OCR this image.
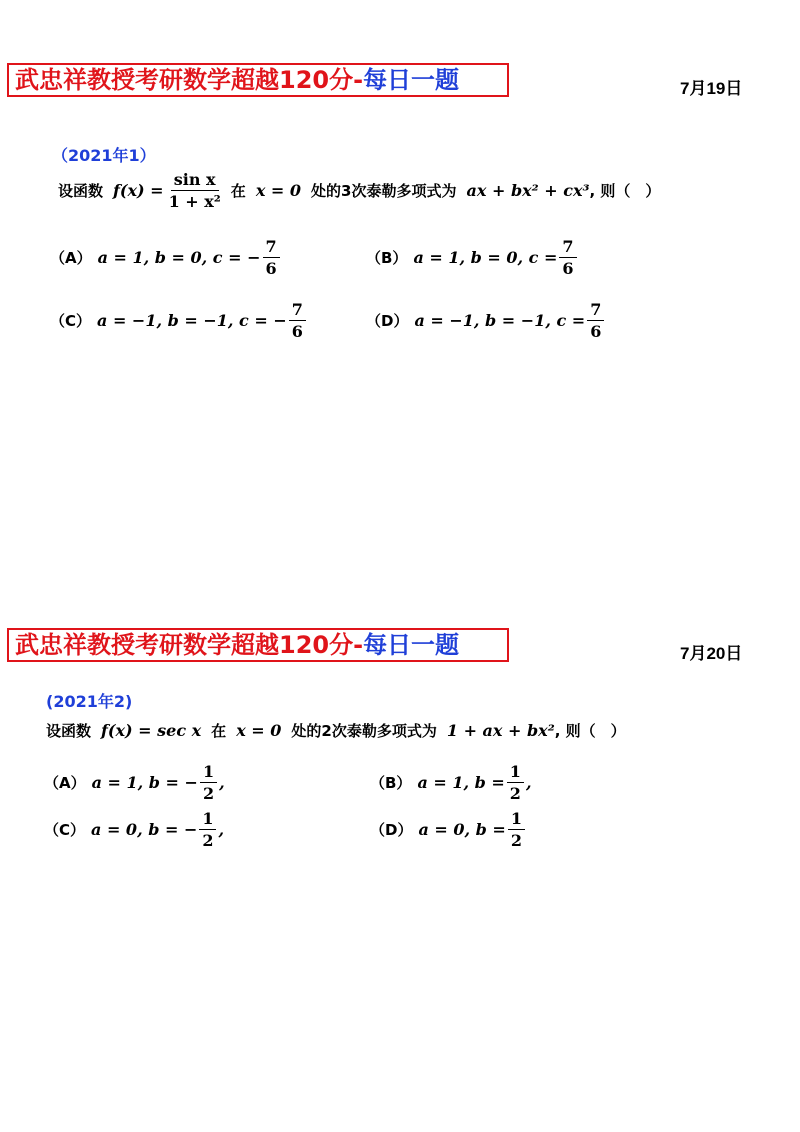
武忠祥教授考研数学超越120分-每日一题	7月19日
（2021年1）
设函数 $f(x) = \frac{\text{sin x}}{\text{1 + x²}}$ 在 x = 0 处的3次泰勒多项式为 ax + bx² + cx³ , 则（　）
（A） a = 1, b = 0, c = − $\frac{7}{6}$	（B） a = 1, b = 0, $c = \frac{7}{6}$
（C） a = −1, b = −1, c = − $\frac{7}{6}$	（D） a = −1, b = −1, $c = \frac{7}{6}$
武忠祥教授考研数学超越120分-每日一题	7月20日
(2021年2)
设函数 f(x) = sec x 在 x = 0 处的2次泰勒多项式为 1 + ax + bx² , 则（　）
（A） a = 1, b = − $\frac{1}{2}$ ,	（B） a = 1, $b = \frac{1}{2}$ ,
（C） a = 0, b = − $\frac{1}{2}$ ,	（D） a = 0, $b = \frac{1}{2}$
